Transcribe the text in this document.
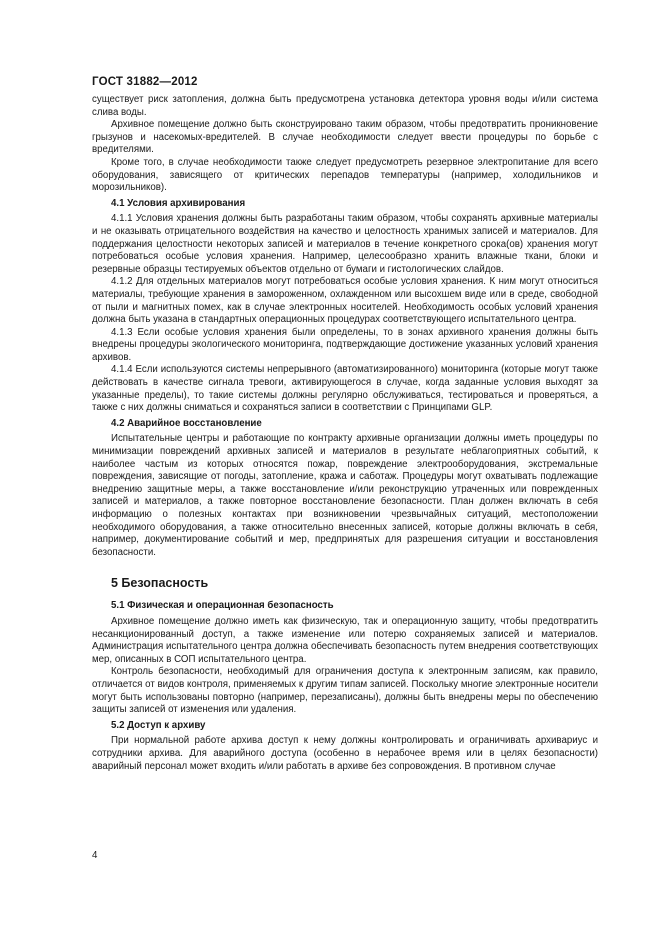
ГОСТ 31882—2012

существует риск затопления, должна быть предусмотрена установка детектора уровня воды и/или система слива воды.

Архивное помещение должно быть сконструировано таким образом, чтобы предотвратить проникновение грызунов и насекомых-вредителей. В случае необходимости следует ввести процедуры по борьбе с вредителями.

Кроме того, в случае необходимости также следует предусмотреть резервное электропитание для всего оборудования, зависящего от критических перепадов температуры (например, холодильников и морозильников).

4.1 Условия архивирования

4.1.1 Условия хранения должны быть разработаны таким образом, чтобы сохранять архивные материалы и не оказывать отрицательного воздействия на качество и целостность хранимых записей и материалов. Для поддержания целостности некоторых записей и материалов в течение конкретного срока(ов) хранения могут потребоваться особые условия хранения. Например, целесообразно хранить влажные ткани, блоки и резервные образцы тестируемых объектов отдельно от бумаги и гистологических слайдов.

4.1.2 Для отдельных материалов могут потребоваться особые условия хранения. К ним могут относиться материалы, требующие хранения в замороженном, охлажденном или высохшем виде или в среде, свободной от пыли и магнитных помех, как в случае электронных носителей. Необходимость особых условий хранения должна быть указана в стандартных операционных процедурах соответствующего испытательного центра.

4.1.3 Если особые условия хранения были определены, то в зонах архивного хранения должны быть внедрены процедуры экологического мониторинга, подтверждающие достижение указанных условий хранения архивов.

4.1.4 Если используются системы непрерывного (автоматизированного) мониторинга (которые могут также действовать в качестве сигнала тревоги, активирующегося в случае, когда заданные условия выходят за указанные пределы), то такие системы должны регулярно обслуживаться, тестироваться и проверяться, а также с них должны сниматься и сохраняться записи в соответствии с Принципами GLP.

4.2 Аварийное восстановление

Испытательные центры и работающие по контракту архивные организации должны иметь процедуры по минимизации повреждений архивных записей и материалов в результате неблагоприятных событий, к наиболее частым из которых относятся пожар, повреждение электрооборудования, экстремальные повреждения, зависящие от погоды, затопление, кража и саботаж. Процедуры могут охватывать подлежащие внедрению защитные меры, а также восстановление и/или реконструкцию утраченных или поврежденных записей и материалов, а также повторное восстановление безопасности. План должен включать в себя информацию о полезных контактах при возникновении чрезвычайных ситуаций, местоположении необходимого оборудования, а также относительно внесенных записей, которые должны включать в себя, например, документирование событий и мер, предпринятых для разрешения ситуации и восстановления безопасности.

5 Безопасность
5.1 Физическая и операционная безопасность

Архивное помещение должно иметь как физическую, так и операционную защиту, чтобы предотвратить несанкционированный доступ, а также изменение или потерю сохраняемых записей и материалов. Администрация испытательного центра должна обеспечивать безопасность путем внедрения соответствующих мер, описанных в СОП испытательного центра.

Контроль безопасности, необходимый для ограничения доступа к электронным записям, как правило, отличается от видов контроля, применяемых к другим типам записей. Поскольку многие электронные носители могут быть использованы повторно (например, перезаписаны), должны быть внедрены меры по обеспечению защиты записей от изменения или удаления.

5.2 Доступ к архиву

При нормальной работе архива доступ к нему должны контролировать и ограничивать архивариус и сотрудники архива. Для аварийного доступа (особенно в нерабочее время или в целях безопасности) аварийный персонал может входить и/или работать в архиве без сопровождения. В противном случае

4
